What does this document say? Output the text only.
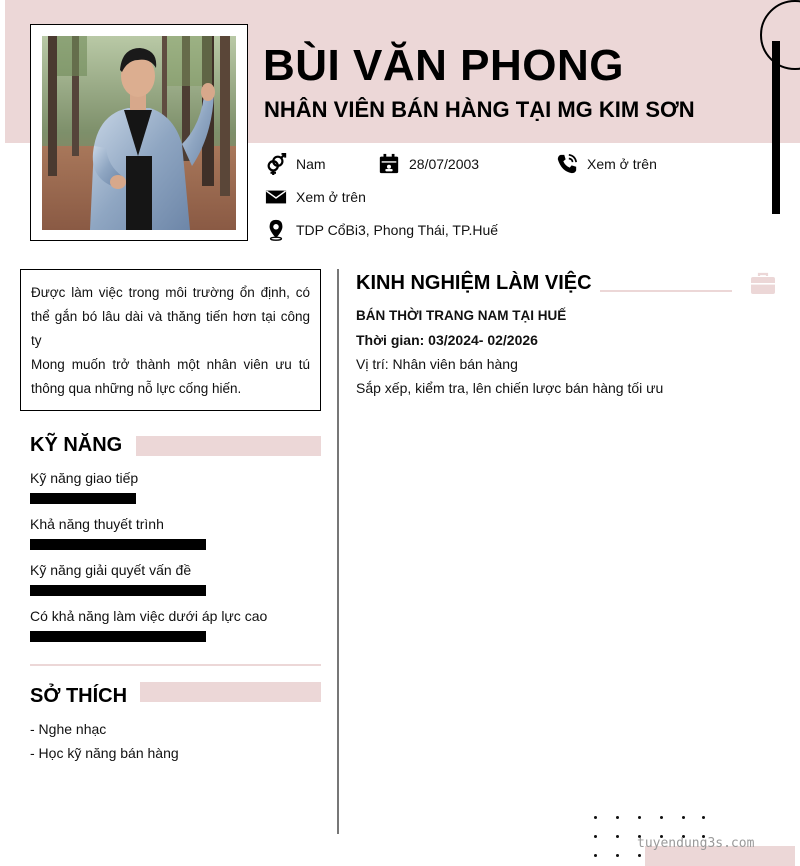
BÙI VĂN PHONG
NHÂN VIÊN BÁN HÀNG TẠI MG KIM SƠN
Nam	28/07/2003	Xem ở trên
Xem ở trên
TDP CổBi3, Phong Thái, TP.Huế
Được làm việc trong môi trường ổn định, có thể gắn bó lâu dài và thăng tiến hơn tại công ty
Mong muốn trở thành một nhân viên ưu tú thông qua những nỗ lực cống hiến.
KỸ NĂNG
Kỹ năng giao tiếp
Khả năng thuyết trình
Kỹ năng giải quyết vấn đề
Có khả năng làm việc dưới áp lực cao
SỞ THÍCH
- Nghe nhạc
- Học kỹ năng bán hàng
KINH NGHIỆM LÀM VIỆC
BÁN THỜI TRANG NAM TẠI HUẾ
Thời gian: 03/2024- 02/2026
Vị trí: Nhân viên bán hàng
Sắp xếp, kiểm tra, lên chiến lược bán hàng tối ưu
tuyendung3s.com
